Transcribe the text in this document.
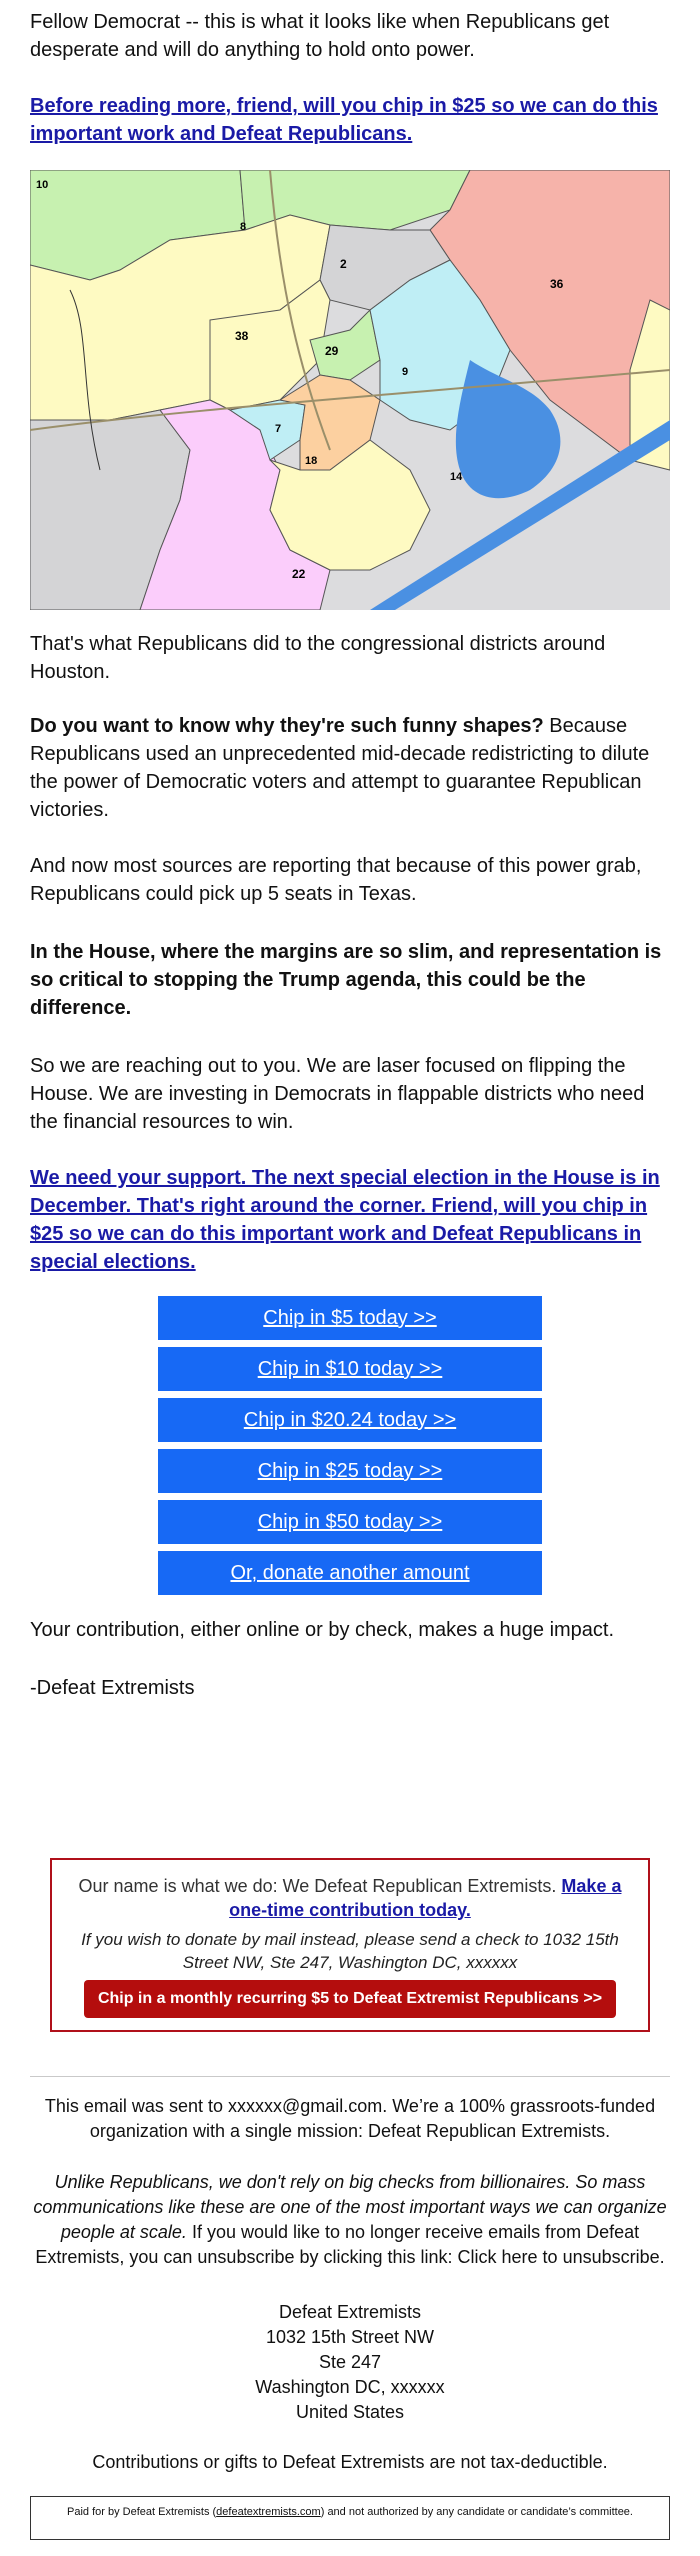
Fellow Democrat -- this is what it looks like when Republicans get desperate and will do anything to hold onto power.

Before reading more, friend, will you chip in $25 so we can do this important work and Defeat Republicans.

10
8
2
36
38
29
9
7
18
14
22

That's what Republicans did to the congressional districts around Houston.

Do you want to know why they're such funny shapes? Because Republicans used an unprecedented mid-decade redistricting to dilute the power of Democratic voters and attempt to guarantee Republican victories.

And now most sources are reporting that because of this power grab, Republicans could pick up 5 seats in Texas.

In the House, where the margins are so slim, and representation is so critical to stopping the Trump agenda, this could be the difference.

So we are reaching out to you. We are laser focused on flipping the House. We are investing in Democrats in flappable districts who need the financial resources to win.

We need your support. The next special election in the House is in December. That's right around the corner. Friend, will you chip in $25 so we can do this important work and Defeat Republicans in special elections.

Chip in $5 today >>
Chip in $10 today >>
Chip in $20.24 today >>
Chip in $25 today >>
Chip in $50 today >>
Or, donate another amount

Your contribution, either online or by check, makes a huge impact.

-Defeat Extremists

Our name is what we do: We Defeat Republican Extremists. Make a one-time contribution today.
If you wish to donate by mail instead, please send a check to 1032 15th Street NW, Ste 247, Washington DC, xxxxxx
Chip in a monthly recurring $5 to Defeat Extremist Republicans >>
This email was sent to xxxxxx@gmail.com. We’re a 100% grassroots-funded organization with a single mission: Defeat Republican Extremists.
Unlike Republicans, we don't rely on big checks from billionaires. So mass communications like these are one of the most important ways we can organize people at scale. If you would like to no longer receive emails from Defeat Extremists, you can unsubscribe by clicking this link: Click here to unsubscribe.
Defeat Extremists
1032 15th Street NW
Ste 247
Washington DC, xxxxxx
United States
Contributions or gifts to Defeat Extremists are not tax-deductible.
Paid for by Defeat Extremists (defeatextremists.com) and not authorized by any candidate or candidate’s committee.
